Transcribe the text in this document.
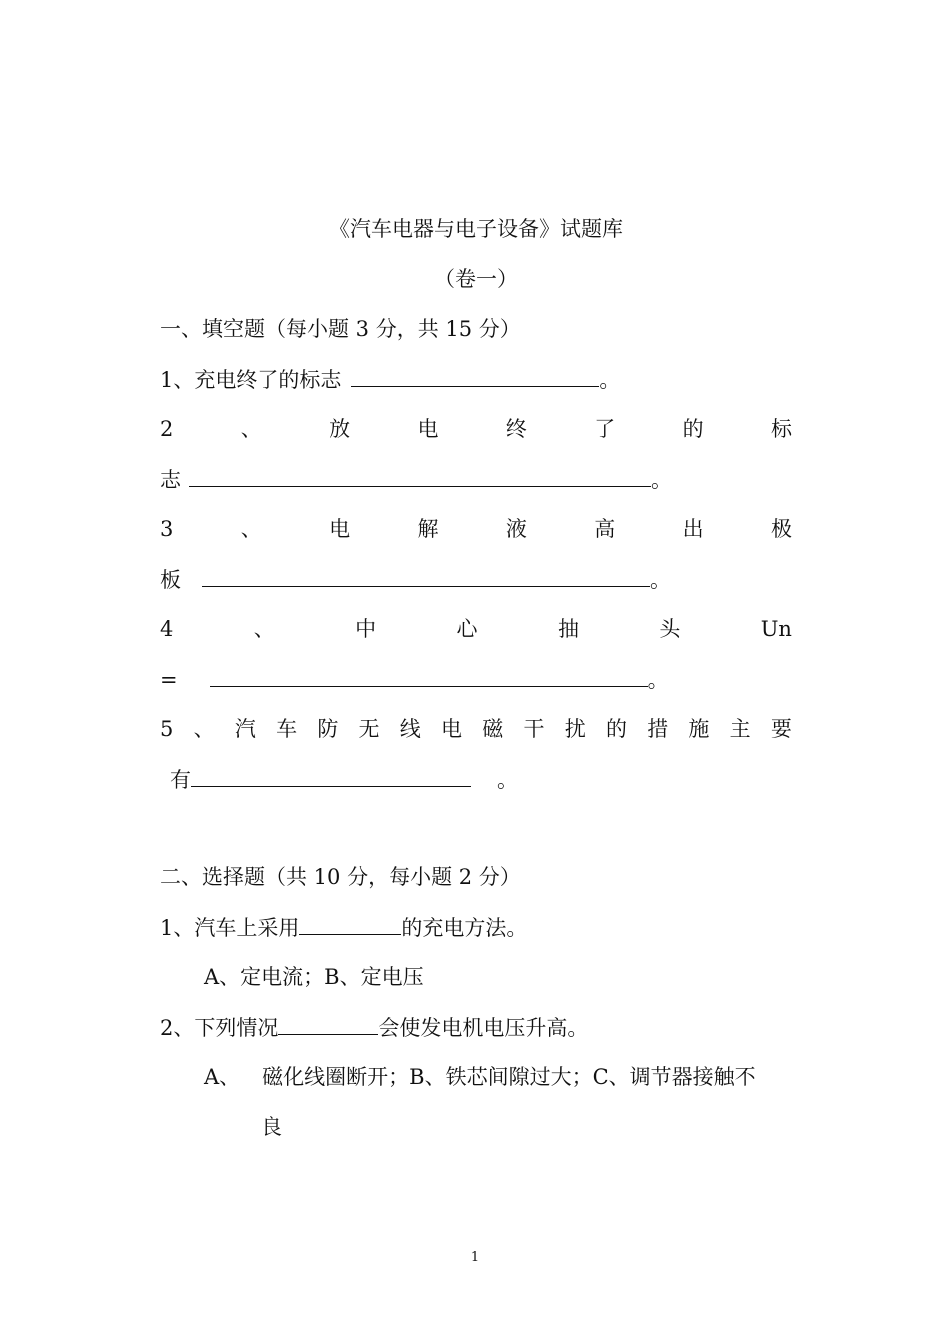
《汽车电器与电子设备》试题库
（卷一）
一、填空题（每小题 3 分，共 15 分）
1、充电终了的标志	。
2	、	放	电	终	了	的	标
志	。
3	、	电	解	液	高	出	极
板	。
4	、	中	心	抽	头	Un
=	。
5 、 汽 车 防 无 线 电 磁 干 扰 的 措 施 主 要
有	。
二、选择题（共 10 分，每小题 2 分）
1、汽车上采用	的充电方法。
A、定电流；B、定电压
2、下列情况	会使发电机电压升高。
A、 磁化线圈断开；B、铁芯间隙过大；C、调节器接触不
良
1
